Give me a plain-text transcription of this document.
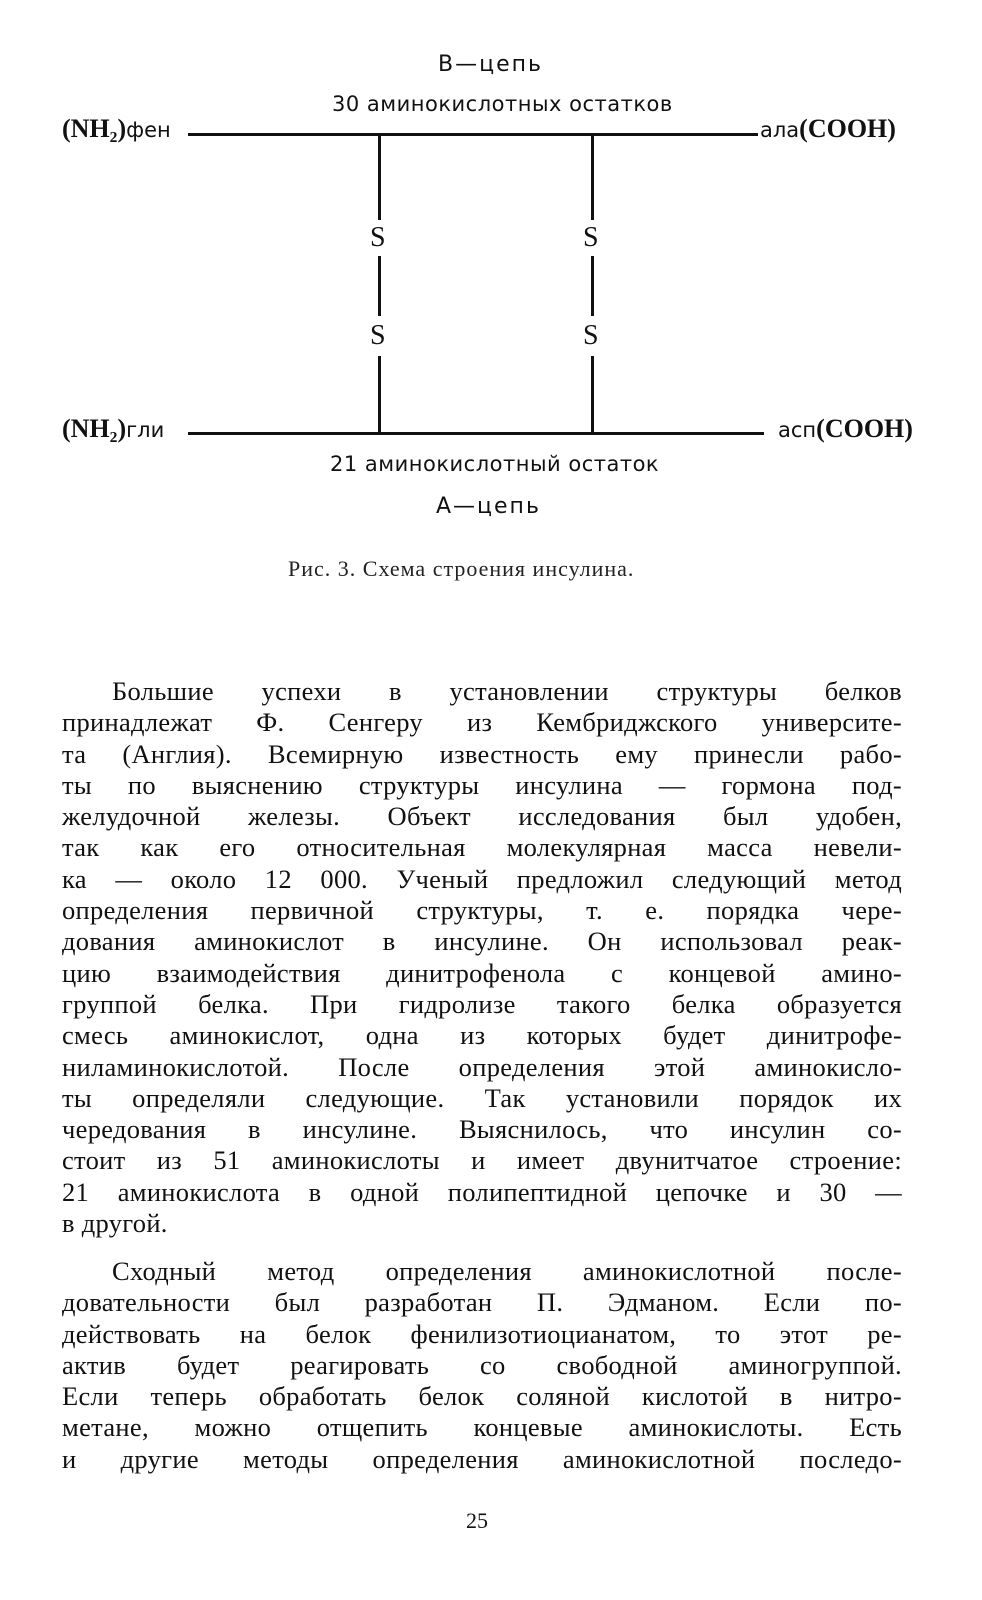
В—цепь
30 аминокислотных остатков
(NH₂)фен	ала(COOH)
S
S
S
S
(NH₂)гли	асп(COOH)
21 аминокислотный остаток
А—цепь
Рис. 3. Схема строения инсулина.
Большие успехи в установлении структуры белков
принадлежат Ф. Сенгеру из Кембриджского университе-
та (Англия). Всемирную известность ему принесли рабо-
ты по выяснению структуры инсулина — гормона под-
желудочной железы. Объект исследования был удобен,
так как его относительная молекулярная масса невели-
ка — около 12 000. Ученый предложил следующий метод
определения первичной структуры, т. е. порядка чере-
дования аминокислот в инсулине. Он использовал реак-
цию взаимодействия динитрофенола с концевой амино-
группой белка. При гидролизе такого белка образуется
смесь аминокислот, одна из которых будет динитрофе-
ниламинокислотой. После определения этой аминокисло-
ты определяли следующие. Так установили порядок их
чередования в инсулине. Выяснилось, что инсулин со-
стоит из 51 аминокислоты и имеет двунитчатое строение:
21 аминокислота в одной полипептидной цепочке и 30 —
в другой.
Сходный метод определения аминокислотной после-
довательности был разработан П. Эдманом. Если по-
действовать на белок фенилизотиоцианатом, то этот ре-
актив будет реагировать со свободной аминогруппой.
Если теперь обработать белок соляной кислотой в нитро-
метане, можно отщепить концевые аминокислоты. Есть
и другие методы определения аминокислотной последо-
25
